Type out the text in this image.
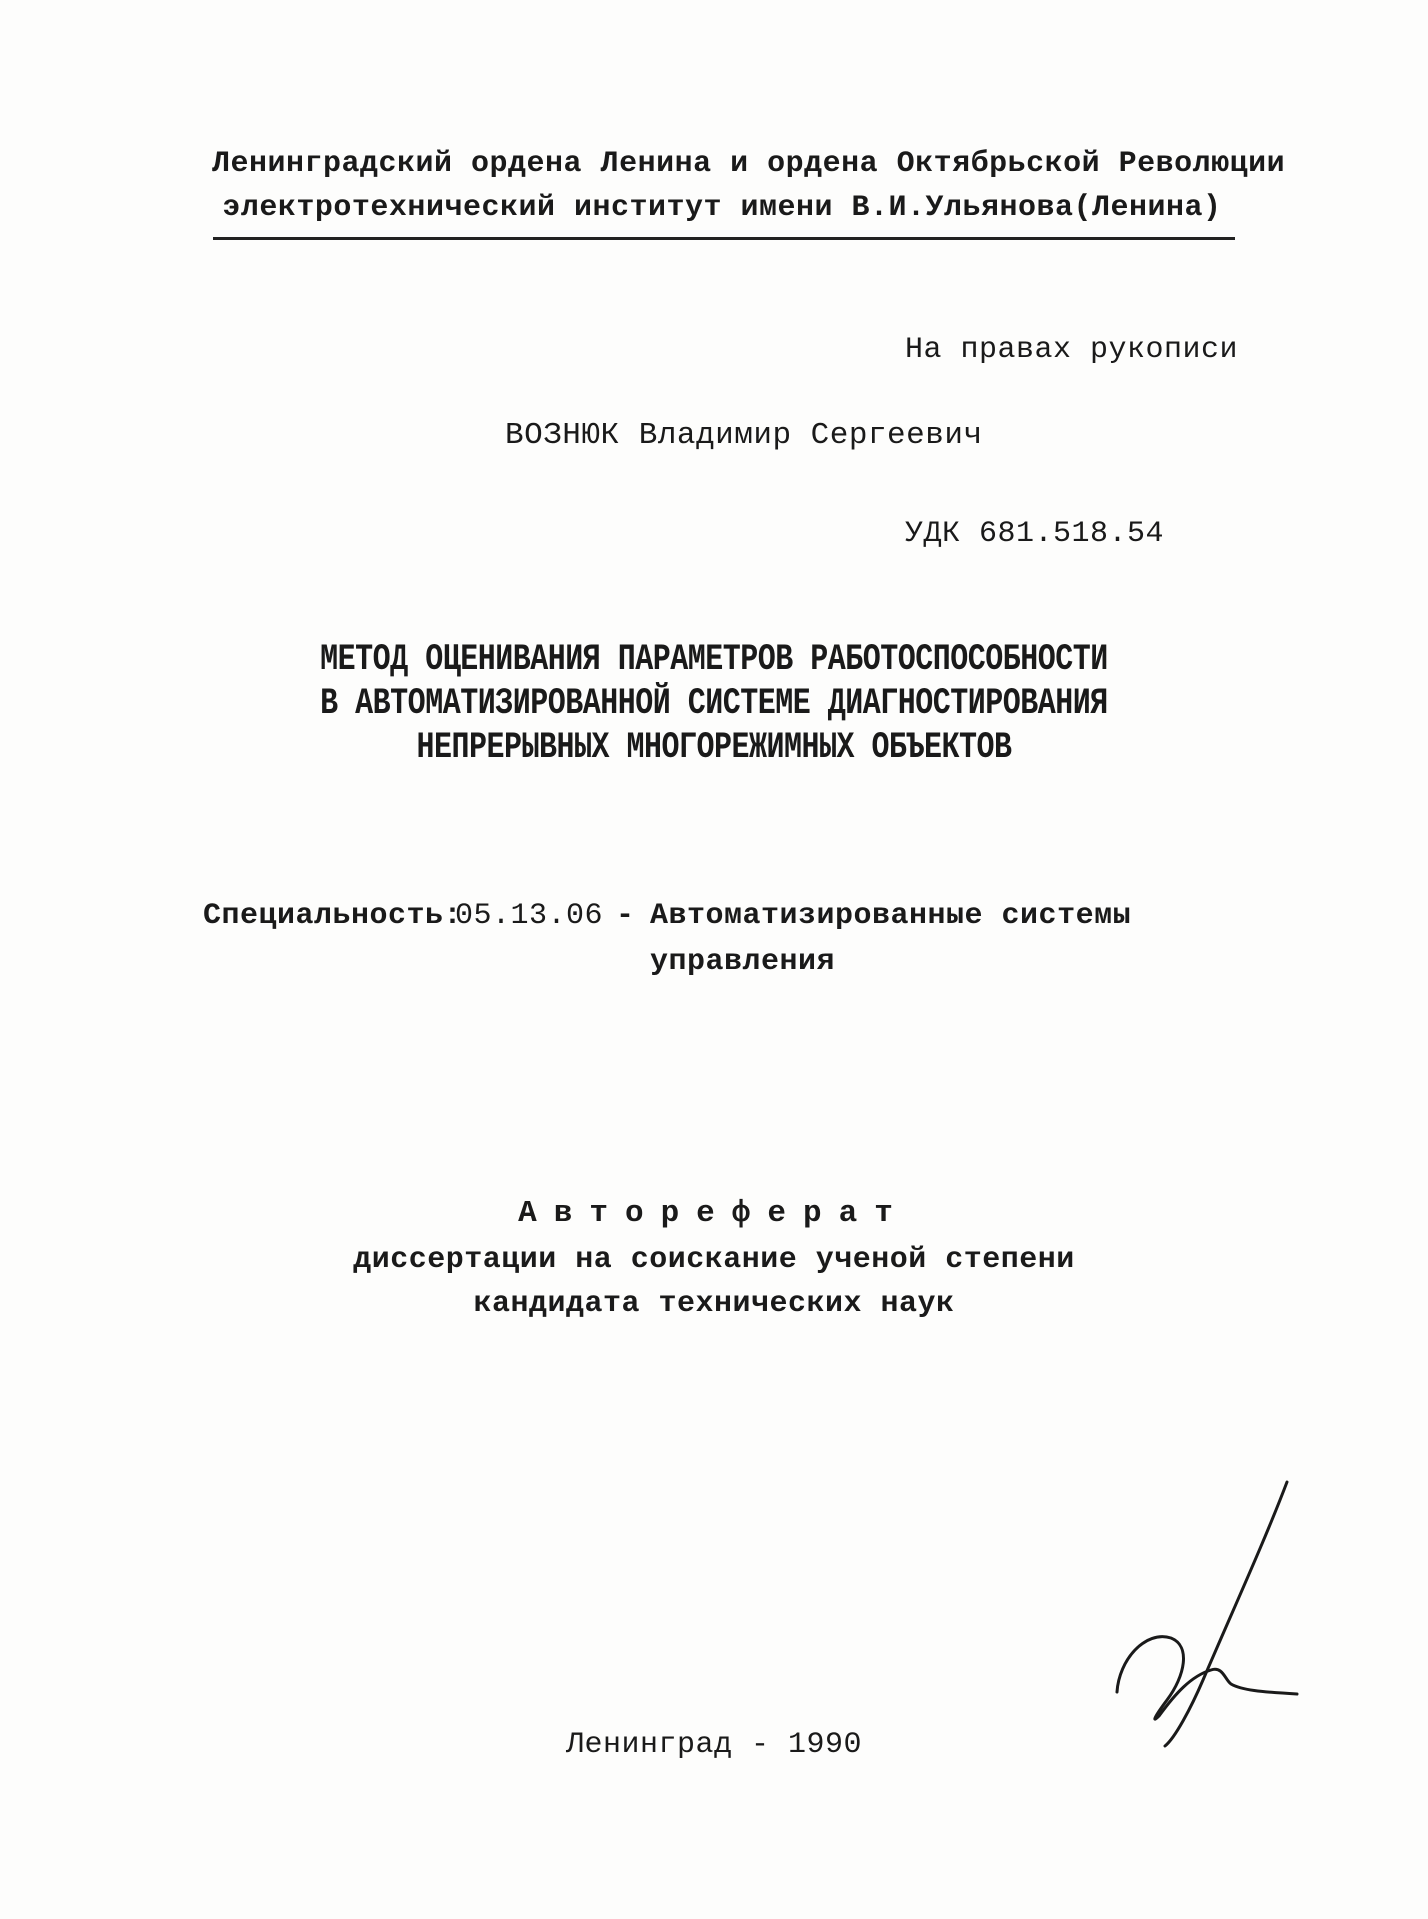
Ленинградский ордена Ленина и ордена Октябрьской Революции
электротехнический институт имени В.И.Ульянова(Ленина)
На правах рукописи
ВОЗНЮК Владимир Сергеевич
УДК 681.518.54
МЕТОД ОЦЕНИВАНИЯ ПАРАМЕТРОВ РАБОТОСПОСОБНОСТИ
В АВТОМАТИЗИРОВАННОЙ СИСТЕМЕ ДИАГНОСТИРОВАНИЯ
НЕПРЕРЫВНЫХ МНОГОРЕЖИМНЫХ ОБЪЕКТОВ
Специальность:
05.13.06 - Автоматизированные системы
управления
Автореферат
диссертации на соискание ученой степени
кандидата технических наук
Ленинград - 1990
